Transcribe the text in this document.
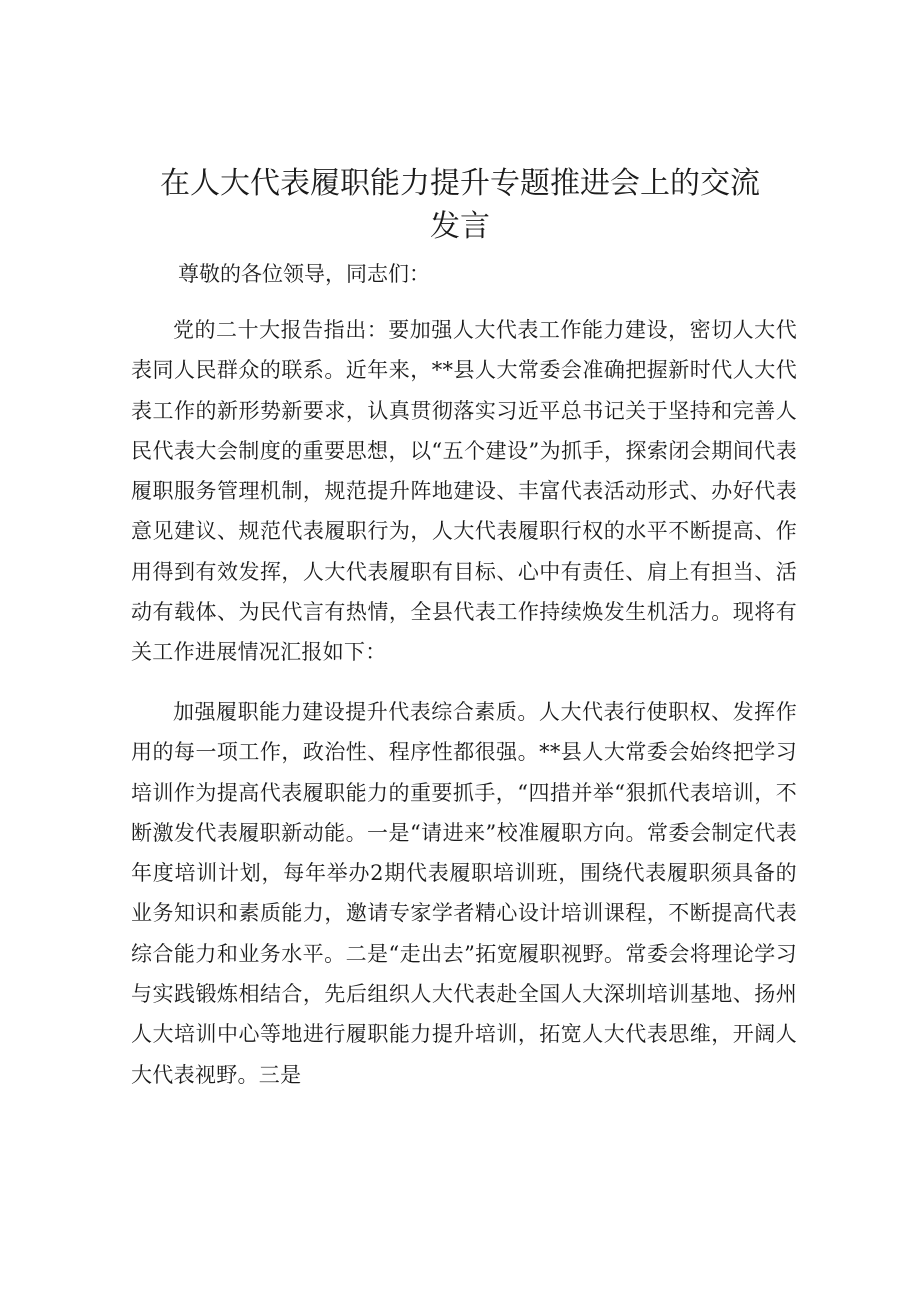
在人大代表履职能力提升专题推进会上的交流发言

尊敬的各位领导，同志们：

党的二十大报告指出：要加强人大代表工作能力建设，密切人大代表同人民群众的联系。近年来，**县人大常委会准确把握新时代人大代表工作的新形势新要求，认真贯彻落实习近平总书记关于坚持和完善人民代表大会制度的重要思想，以“五个建设”为抓手，探索闭会期间代表履职服务管理机制，规范提升阵地建设、丰富代表活动形式、办好代表意见建议、规范代表履职行为，人大代表履职行权的水平不断提高、作用得到有效发挥，人大代表履职有目标、心中有责任、肩上有担当、活动有载体、为民代言有热情，全县代表工作持续焕发生机活力。现将有关工作进展情况汇报如下：

加强履职能力建设提升代表综合素质。人大代表行使职权、发挥作用的每一项工作，政治性、程序性都很强。**县人大常委会始终把学习培训作为提高代表履职能力的重要抓手，“四措并举“狠抓代表培训，不断激发代表履职新动能。一是“请进来”校准履职方向。常委会制定代表年度培训计划，每年举办2期代表履职培训班，围绕代表履职须具备的业务知识和素质能力，邀请专家学者精心设计培训课程，不断提高代表综合能力和业务水平。二是“走出去”拓宽履职视野。常委会将理论学习与实践锻炼相结合，先后组织人大代表赴全国人大深圳培训基地、扬州人大培训中心等地进行履职能力提升培训，拓宽人大代表思维，开阔人大代表视野。三是
